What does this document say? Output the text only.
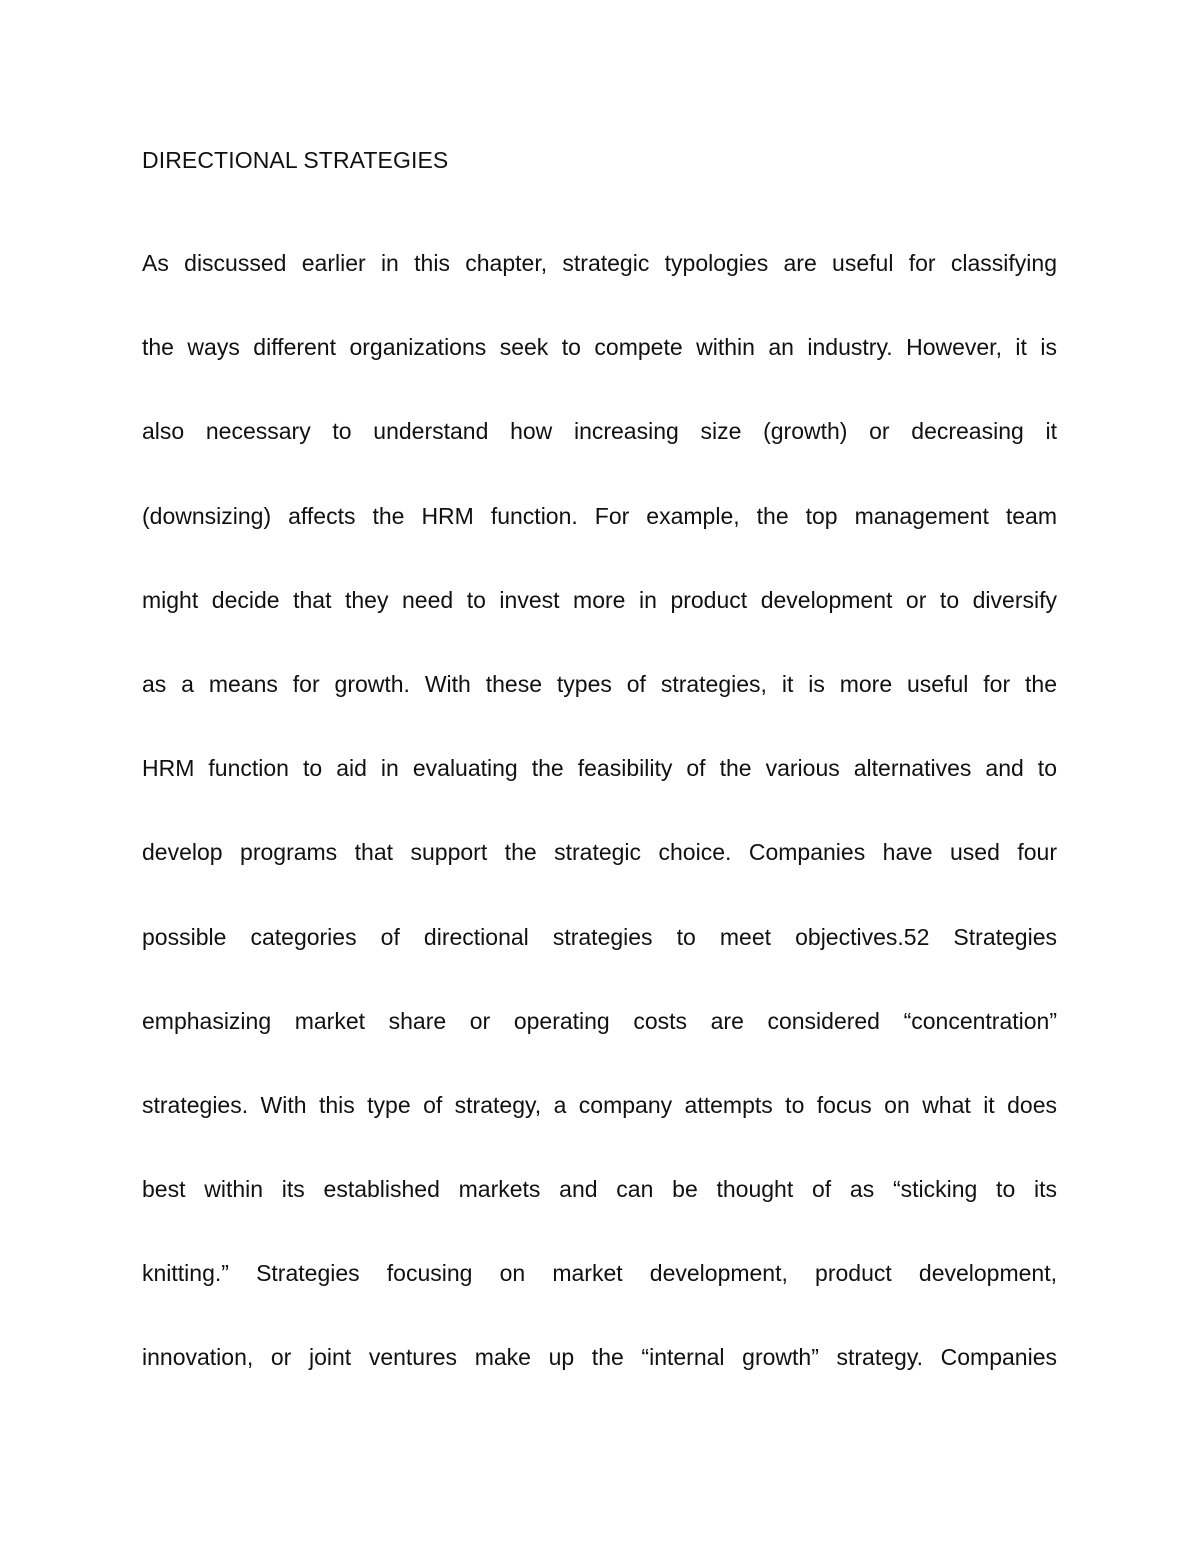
DIRECTIONAL STRATEGIES
As discussed earlier in this chapter, strategic typologies are useful for classifying
the ways different organizations seek to compete within an industry. However, it is
also necessary to understand how increasing size (growth) or decreasing it
(downsizing) affects the HRM function. For example, the top management team
might decide that they need to invest more in product development or to diversify
as a means for growth. With these types of strategies, it is more useful for the
HRM function to aid in evaluating the feasibility of the various alternatives and to
develop programs that support the strategic choice. Companies have used four
possible categories of directional strategies to meet objectives.52 Strategies
emphasizing market share or operating costs are considered “concentration”
strategies. With this type of strategy, a company attempts to focus on what it does
best within its established markets and can be thought of as “sticking to its
knitting.” Strategies focusing on market development, product development,
innovation, or joint ventures make up the “internal growth” strategy. Companies
